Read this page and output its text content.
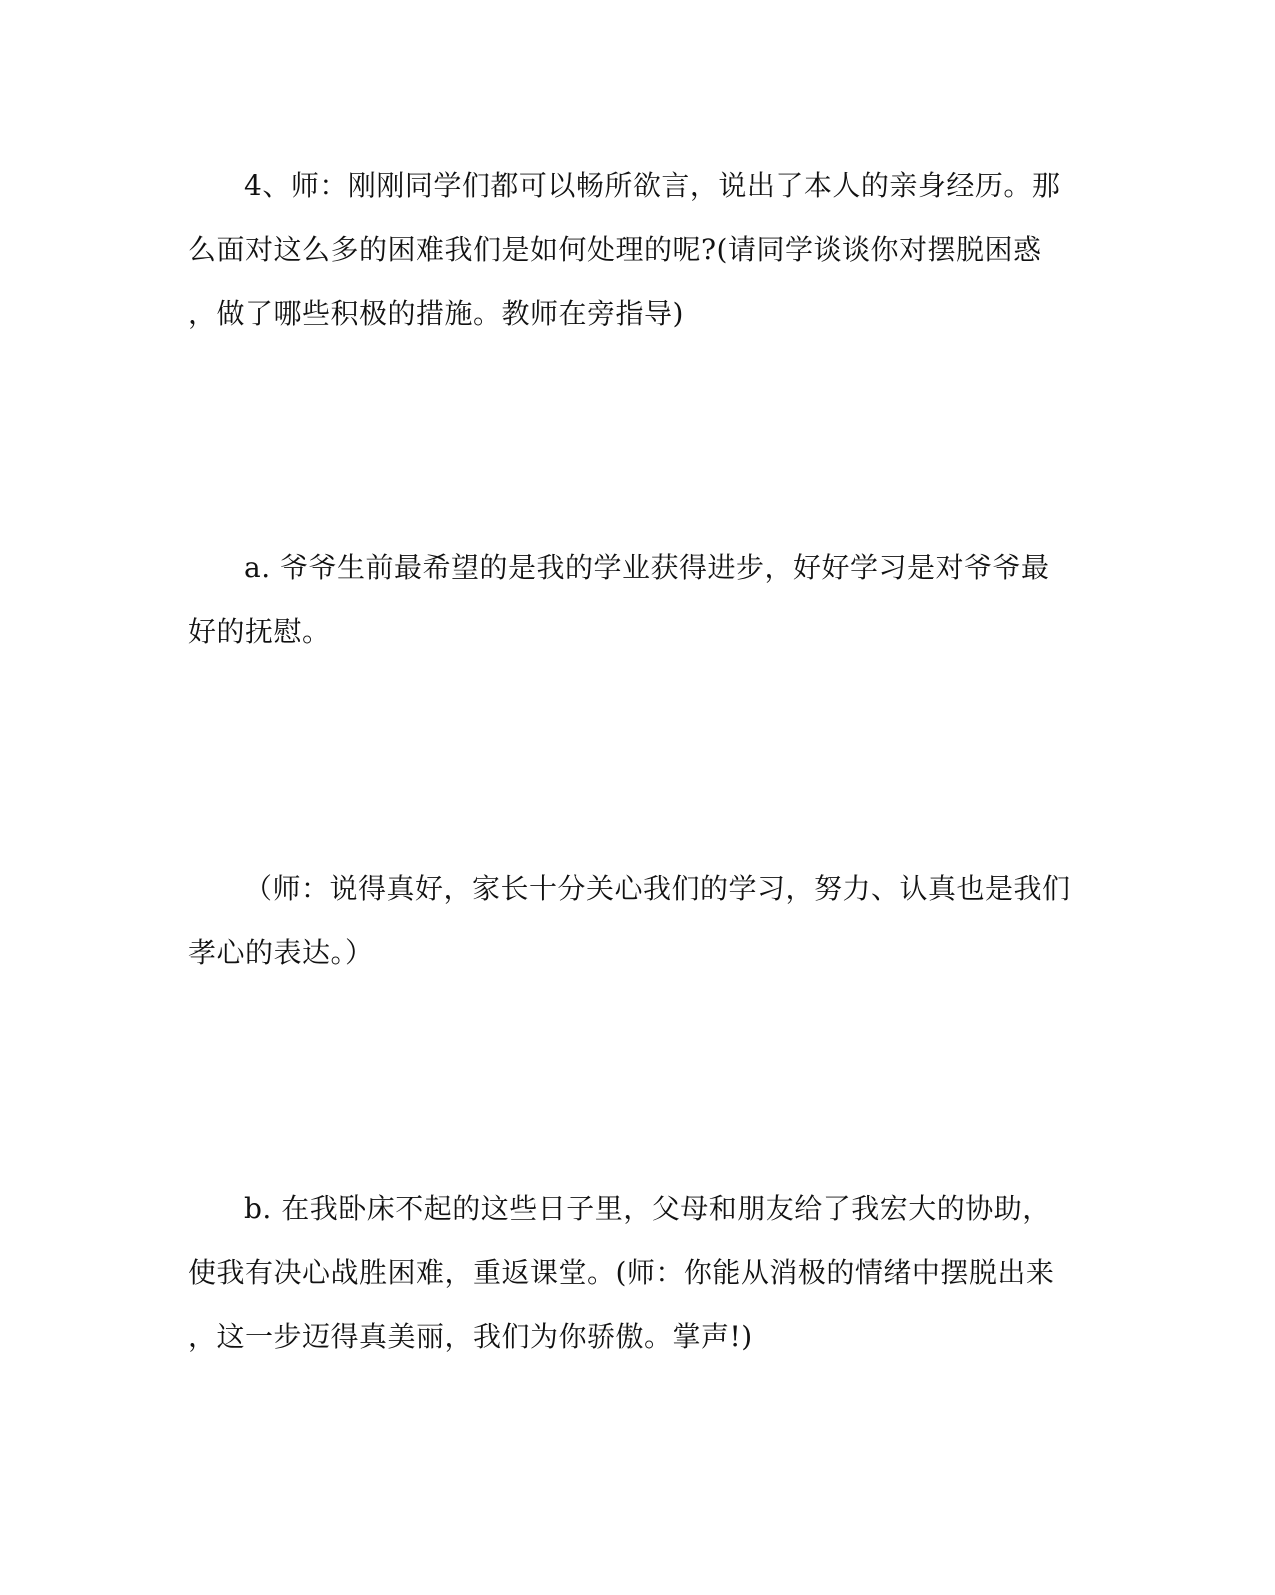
4、师：刚刚同学们都可以畅所欲言，说出了本人的亲身经历。那
么面对这么多的困难我们是如何处理的呢?(请同学谈谈你对摆脱困惑
，做了哪些积极的措施。教师在旁指导)
a. 爷爷生前最希望的是我的学业获得进步，好好学习是对爷爷最
好的抚慰。
（师：说得真好，家长十分关心我们的学习，努力、认真也是我们
孝心的表达。）
b. 在我卧床不起的这些日子里，父母和朋友给了我宏大的协助，
使我有决心战胜困难，重返课堂。(师：你能从消极的情绪中摆脱出来
，这一步迈得真美丽，我们为你骄傲。掌声!)
